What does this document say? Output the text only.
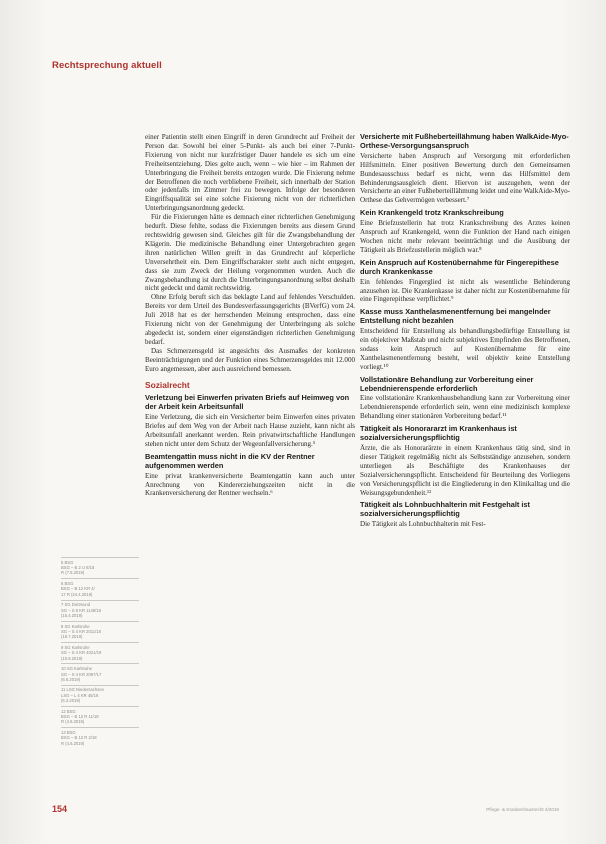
Rechtsprechung aktuell

einer Patientin stellt einen Eingriff in deren Grundrecht auf Freiheit der Person dar. Sowohl bei einer 5-Punkt- als auch bei einer 7-Punkt-Fixierung von nicht nur kurzfristiger Dauer handele es sich um eine Freiheitsentziehung. Dies gelte auch, wenn – wie hier – im Rahmen der Unterbringung die Freiheit bereits entzogen wurde. Die Fixierung nehme der Betroffenen die noch verbliebene Freiheit, sich innerhalb der Station oder jedenfalls im Zimmer frei zu bewegen. Infolge der besonderen Eingriffsqualität sei eine solche Fixierung nicht von der richterlichen Unterbringungsanordnung gedeckt.

Für die Fixierungen hätte es demnach einer richterlichen Genehmigung bedurft. Diese fehlte, sodass die Fixierungen bereits aus diesem Grund rechtswidrig gewesen sind. Gleiches gilt für die Zwangsbehandlung der Klägerin. Die medizinische Behandlung einer Untergebrachten gegen ihren natürlichen Willen greift in das Grundrecht auf körperliche Unversehrtheit ein. Dem Eingriffscharakter steht auch nicht entgegen, dass sie zum Zweck der Heilung vorgenommen wurden. Auch die Zwangsbehandlung ist durch die Unterbringungsanordnung selbst deshalb nicht gedeckt und damit rechtswidrig.

Ohne Erfolg beruft sich das beklagte Land auf fehlendes Verschulden. Bereits vor dem Urteil des Bundesverfassungsgerichts (BVerfG) vom 24. Juli 2018 hat es der herrschenden Meinung entsprochen, dass eine Fixierung nicht von der Genehmigung der Unterbringung als solche abgedeckt ist, sondern einer eigenständigen richterlichen Genehmigung bedarf.

Das Schmerzensgeld ist angesichts des Ausmaßes der konkreten Beeinträchtigungen und der Funktion eines Schmerzensgeldes mit 12.000 Euro angemessen, aber auch ausreichend bemessen.

Sozialrecht
Verletzung bei Einwerfen privaten Briefs auf Heimweg von der Arbeit kein Arbeitsunfall

Eine Verletzung, die sich ein Versicherter beim Einwerfen eines privaten Briefes auf dem Weg von der Arbeit nach Hause zuzieht, kann nicht als Arbeitsunfall anerkannt werden. Rein privatwirtschaftliche Handlungen stehen nicht unter dem Schutz der Wegeunfallversicherung.⁵

Beamtengattin muss nicht in die KV der Rentner aufgenommen werden

Eine privat krankenversicherte Beamtengattin kann auch unter Anrechnung von Kindererziehungszeiten nicht in die Krankenversicherung der Rentner wechseln.⁶

Versicherte mit Fußheberteillähmung haben WalkAide-Myo-Orthese-Versorgungsanspruch

Versicherte haben Anspruch auf Versorgung mit erforderlichen Hilfsmitteln. Einer positiven Bewertung durch den Gemeinsamen Bundesausschuss bedarf es nicht, wenn das Hilfsmittel dem Behinderungsausgleich dient. Hiervon ist auszugehen, wenn der Versicherte an einer Fußheberteillähmung leidet und eine WalkAide-Myo-Orthese das Gehvermögen verbessert.⁷

Kein Krankengeld trotz Krankschreibung

Eine Briefzustellerin hat trotz Krankschreibung des Arztes keinen Anspruch auf Krankengeld, wenn die Funktion der Hand nach einigen Wochen nicht mehr relevant beeinträchtigt und die Ausübung der Tätigkeit als Briefzustellerin möglich war.⁸

Kein Anspruch auf Kostenübernahme für Fingerepithese durch Krankenkasse

Ein fehlendes Fingerglied ist nicht als wesentliche Behinderung anzusehen ist. Die Krankenkasse ist daher nicht zur Kostenübernahme für eine Fingerepithese verpflichtet.⁹

Kasse muss Xanthelasmenentfernung bei mangelnder Entstellung nicht bezahlen

Entscheidend für Entstellung als behandlungsbedürftige Entstellung ist ein objektiver Maßstab und nicht subjektives Empfinden des Betroffenen, sodass kein Anspruch auf Kostenübernahme für eine Xanthelasmenentfernung besteht, weil objektiv keine Entstellung vorliegt.¹⁰

Vollstationäre Behandlung zur Vorbereitung einer Lebendnierenspende erforderlich

Eine vollstationäre Krankenhausbehandlung kann zur Vorbereitung einer Lebendnierenspende erforderlich sein, wenn eine medizinisch komplexe Behandlung einer stationären Vorbereitung bedarf.¹¹

Tätigkeit als Honorararzt im Krankenhaus ist sozialversicherungspflichtig

Ärzte, die als Honorarärzte in einem Krankenhaus tätig sind, sind in dieser Tätigkeit regelmäßig nicht als Selbstständige anzusehen, sondern unterliegen als Beschäftigte des Krankenhauses der Sozialversicherungspflicht. Entscheidend für Beurteilung des Vorliegens von Versicherungspflicht ist die Eingliederung in den Klinikalltag und die Weisungsgebundenheit.¹²

Tätigkeit als Lohnbuchhalterin mit Festgehalt ist sozialversicherungspflichtig

Die Tätigkeit als Lohnbuchhalterin mit Fest-

5 BSG
BSG – B 2 U 8/18
R (7.5.2019)
6 BSG
BSG – B 12 KR 4/
17 R (24.4.2019)
7 SG Dortmund
SG – S 8 KR 1149/18
(15.4.2019)
8 SG Karlsruhe
SG – S 4 KR 2011/18
(18.7.2019)
9 SG Karlsruhe
SG – S 4 KR 4021/19
(10.6.2019)
10 SG Karlsruhe
SG – S 4 KR 2097/17
(6.6.2019)
11 LSG Niedersachsen
LSG – L 4 KR 45/16
(5.3.2019)
12 BSG
BSG – B 12 R 11/18
R (4.6.2019)
13 BSG
BSG – B 12 R 2/18
R (4.6.2019)
154	Pflege- & Krankenhausrecht 4/2019
